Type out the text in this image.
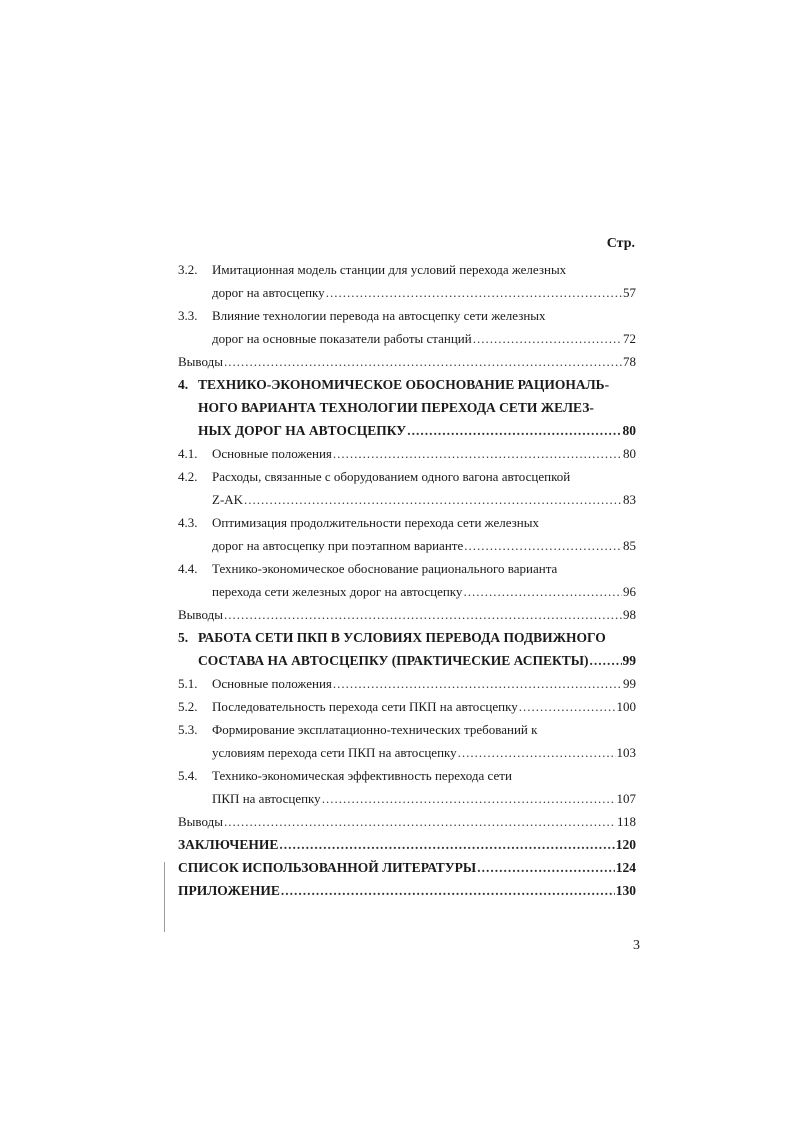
Стр.
3.2.	Имитационная модель станции для условий перехода железных
дорог на автосцепку .....	57
3.3.	Влияние технологии перевода на автосцепку сети железных
дорог на основные показатели работы станций .....	72
Выводы .....	78
4. ТЕХНИКО-ЭКОНОМИЧЕСКОЕ ОБОСНОВАНИЕ РАЦИОНАЛЬ-
НОГО ВАРИАНТА ТЕХНОЛОГИИ ПЕРЕХОДА СЕТИ ЖЕЛЕЗ-
НЫХ ДОРОГ НА АВТОСЦЕПКУ .....	80
4.1.	Основные положения .....	80
4.2.	Расходы, связанные с оборудованием одного вагона автосцепкой
Z-AK .....	83
4.3.	Оптимизация продолжительности перехода сети железных
дорог на автосцепку при поэтапном варианте .....	85
4.4.	Технико-экономическое обоснование рационального варианта
перехода сети железных дорог на автосцепку .....	96
Выводы .....	98
5. РАБОТА СЕТИ ПКП В УСЛОВИЯХ ПЕРЕВОДА ПОДВИЖНОГО
СОСТАВА НА АВТОСЦЕПКУ (ПРАКТИЧЕСКИЕ АСПЕКТЫ) .....	99
5.1.	Основные положения .....	99
5.2.	Последовательность перехода сети ПКП на автосцепку .....	100
5.3.	Формирование эксплатационно-технических требований к
условиям перехода сети ПКП на автосцепку .....	103
5.4.	Технико-экономическая эффективность перехода сети
ПКП на автосцепку .....	107
Выводы .....	118
ЗАКЛЮЧЕНИЕ .....	120
СПИСОК ИСПОЛЬЗОВАННОЙ ЛИТЕРАТУРЫ .....	124
ПРИЛОЖЕНИЕ .....	130
3
